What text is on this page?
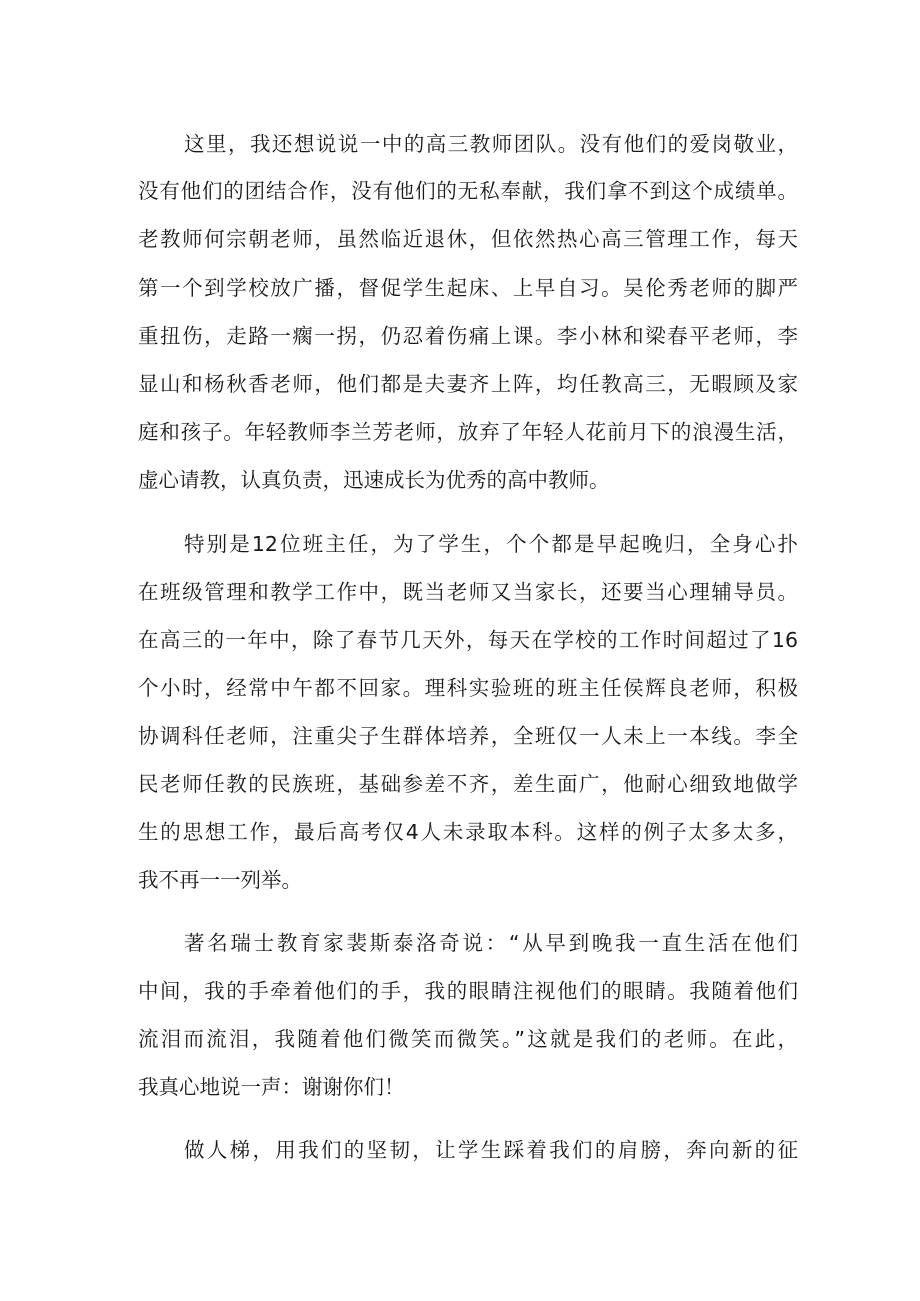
这里，我还想说说一中的高三教师团队。没有他们的爱岗敬业，
没有他们的团结合作，没有他们的无私奉献，我们拿不到这个成绩单。
老教师何宗朝老师，虽然临近退休，但依然热心高三管理工作，每天
第一个到学校放广播，督促学生起床、上早自习。吴伦秀老师的脚严
重扭伤，走路一瘸一拐，仍忍着伤痛上课。李小林和梁春平老师，李
显山和杨秋香老师，他们都是夫妻齐上阵，均任教高三，无暇顾及家
庭和孩子。年轻教师李兰芳老师，放弃了年轻人花前月下的浪漫生活，
虚心请教，认真负责，迅速成长为优秀的高中教师。
特别是12位班主任，为了学生，个个都是早起晚归，全身心扑
在班级管理和教学工作中，既当老师又当家长，还要当心理辅导员。
在高三的一年中，除了春节几天外，每天在学校的工作时间超过了16
个小时，经常中午都不回家。理科实验班的班主任侯辉良老师，积极
协调科任老师，注重尖子生群体培养，全班仅一人未上一本线。李全
民老师任教的民族班，基础参差不齐，差生面广，他耐心细致地做学
生的思想工作，最后高考仅4人未录取本科。这样的例子太多太多，
我不再一一列举。
著名瑞士教育家裴斯泰洛奇说：“从早到晚我一直生活在他们
中间，我的手牵着他们的手，我的眼睛注视他们的眼睛。我随着他们
流泪而流泪，我随着他们微笑而微笑。”这就是我们的老师。在此，
我真心地说一声：谢谢你们！
做人梯，用我们的坚韧，让学生踩着我们的肩膀，奔向新的征
